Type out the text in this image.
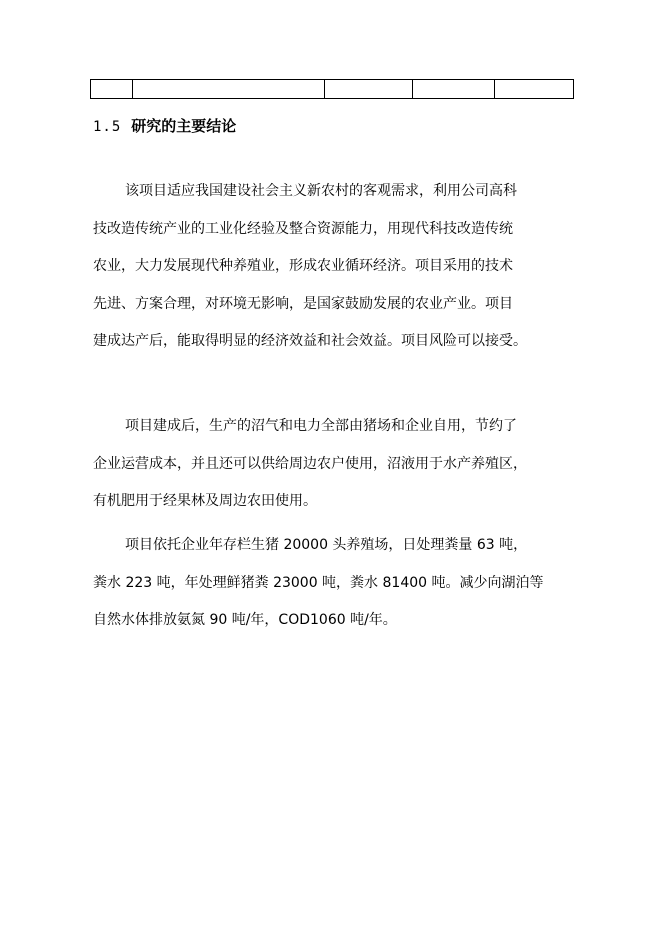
1.5 研究的主要结论
该项目适应我国建设社会主义新农村的客观需求，利用公司高科
技改造传统产业的工业化经验及整合资源能力，用现代科技改造传统
农业，大力发展现代种养殖业，形成农业循环经济。项目采用的技术
先进、方案合理，对环境无影响，是国家鼓励发展的农业产业。项目
建成达产后，能取得明显的经济效益和社会效益。项目风险可以接受。
项目建成后，生产的沼气和电力全部由猪场和企业自用，节约了
企业运营成本，并且还可以供给周边农户使用，沼液用于水产养殖区，
有机肥用于经果林及周边农田使用。
项目依托企业年存栏生猪 20000 头养殖场，日处理粪量 63 吨，
粪水 223 吨，年处理鲜猪粪 23000 吨，粪水 81400 吨。减少向湖泊等
自然水体排放氨氮 90 吨/年，COD1060 吨/年。
